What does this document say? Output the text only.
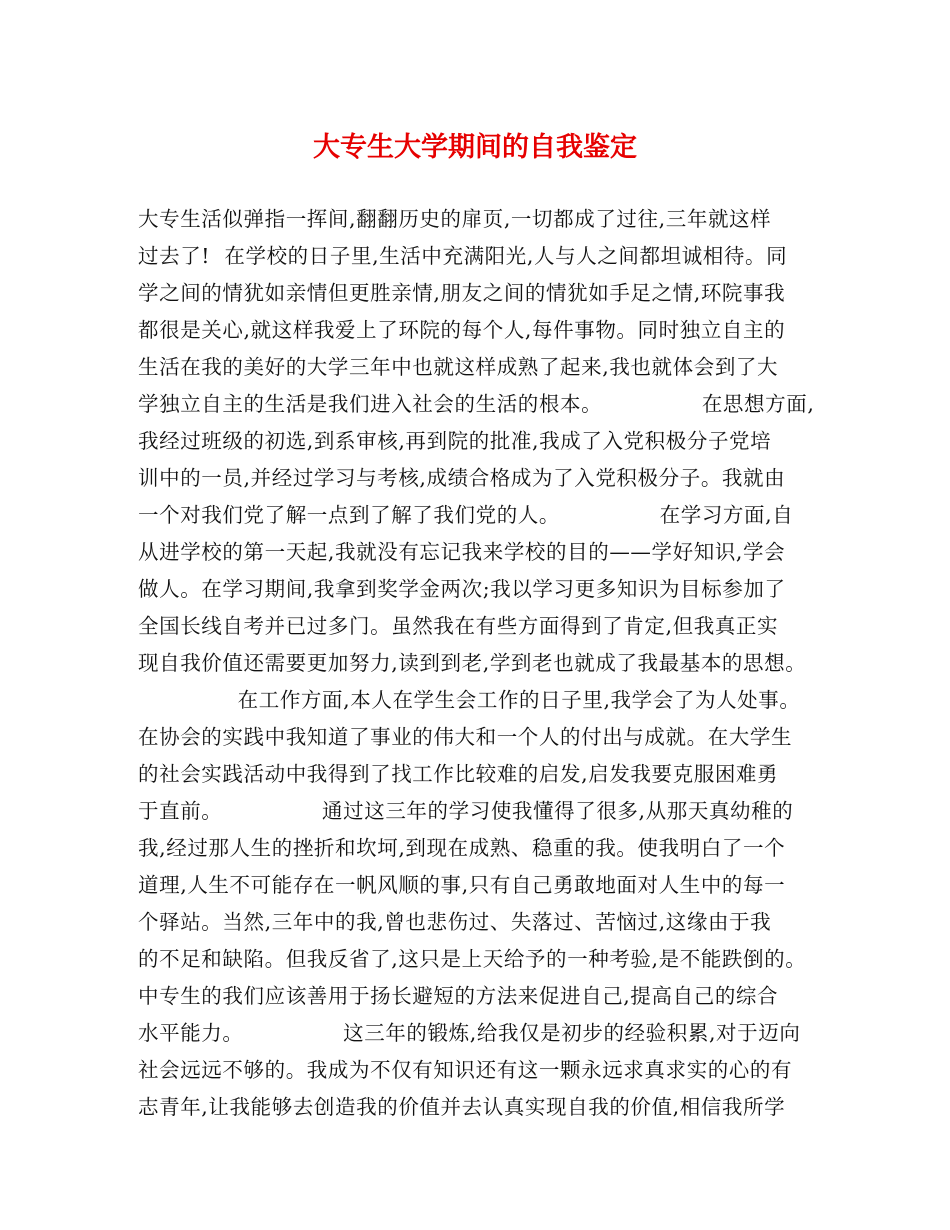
大专生大学期间的自我鉴定
大专生活似弹指一挥间,翻翻历史的扉页,一切都成了过往,三年就这样
过去了!  在学校的日子里,生活中充满阳光,人与人之间都坦诚相待。同
学之间的情犹如亲情但更胜亲情,朋友之间的情犹如手足之情,环院事我
都很是关心,就这样我爱上了环院的每个人,每件事物。同时独立自主的
生活在我的美好的大学三年中也就这样成熟了起来,我也就体会到了大
学独立自主的生活是我们进入社会的生活的根本。              在思想方面,
我经过班级的初选,到系审核,再到院的批准,我成了入党积极分子党培
训中的一员,并经过学习与考核,成绩合格成为了入党积极分子。我就由
一个对我们党了解一点到了解了我们党的人。              在学习方面,自
从进学校的第一天起,我就没有忘记我来学校的目的——学好知识,学会
做人。在学习期间,我拿到奖学金两次;我以学习更多知识为目标参加了
全国长线自考并已过多门。虽然我在有些方面得到了肯定,但我真正实
现自我价值还需要更加努力,读到到老,学到老也就成了我最基本的思想。
在工作方面,本人在学生会工作的日子里,我学会了为人处事。
在协会的实践中我知道了事业的伟大和一个人的付出与成就。在大学生
的社会实践活动中我得到了找工作比较难的启发,启发我要克服困难勇
于直前。              通过这三年的学习使我懂得了很多,从那天真幼稚的
我,经过那人生的挫折和坎坷,到现在成熟、稳重的我。使我明白了一个
道理,人生不可能存在一帆风顺的事,只有自己勇敢地面对人生中的每一
个驿站。当然,三年中的我,曾也悲伤过、失落过、苦恼过,这缘由于我
的不足和缺陷。但我反省了,这只是上天给予的一种考验,是不能跌倒的。
中专生的我们应该善用于扬长避短的方法来促进自己,提高自己的综合
水平能力。              这三年的锻炼,给我仅是初步的经验积累,对于迈向
社会远远不够的。我成为不仅有知识还有这一颗永远求真求实的心的有
志青年,让我能够去创造我的价值并去认真实现自我的价值,相信我所学
